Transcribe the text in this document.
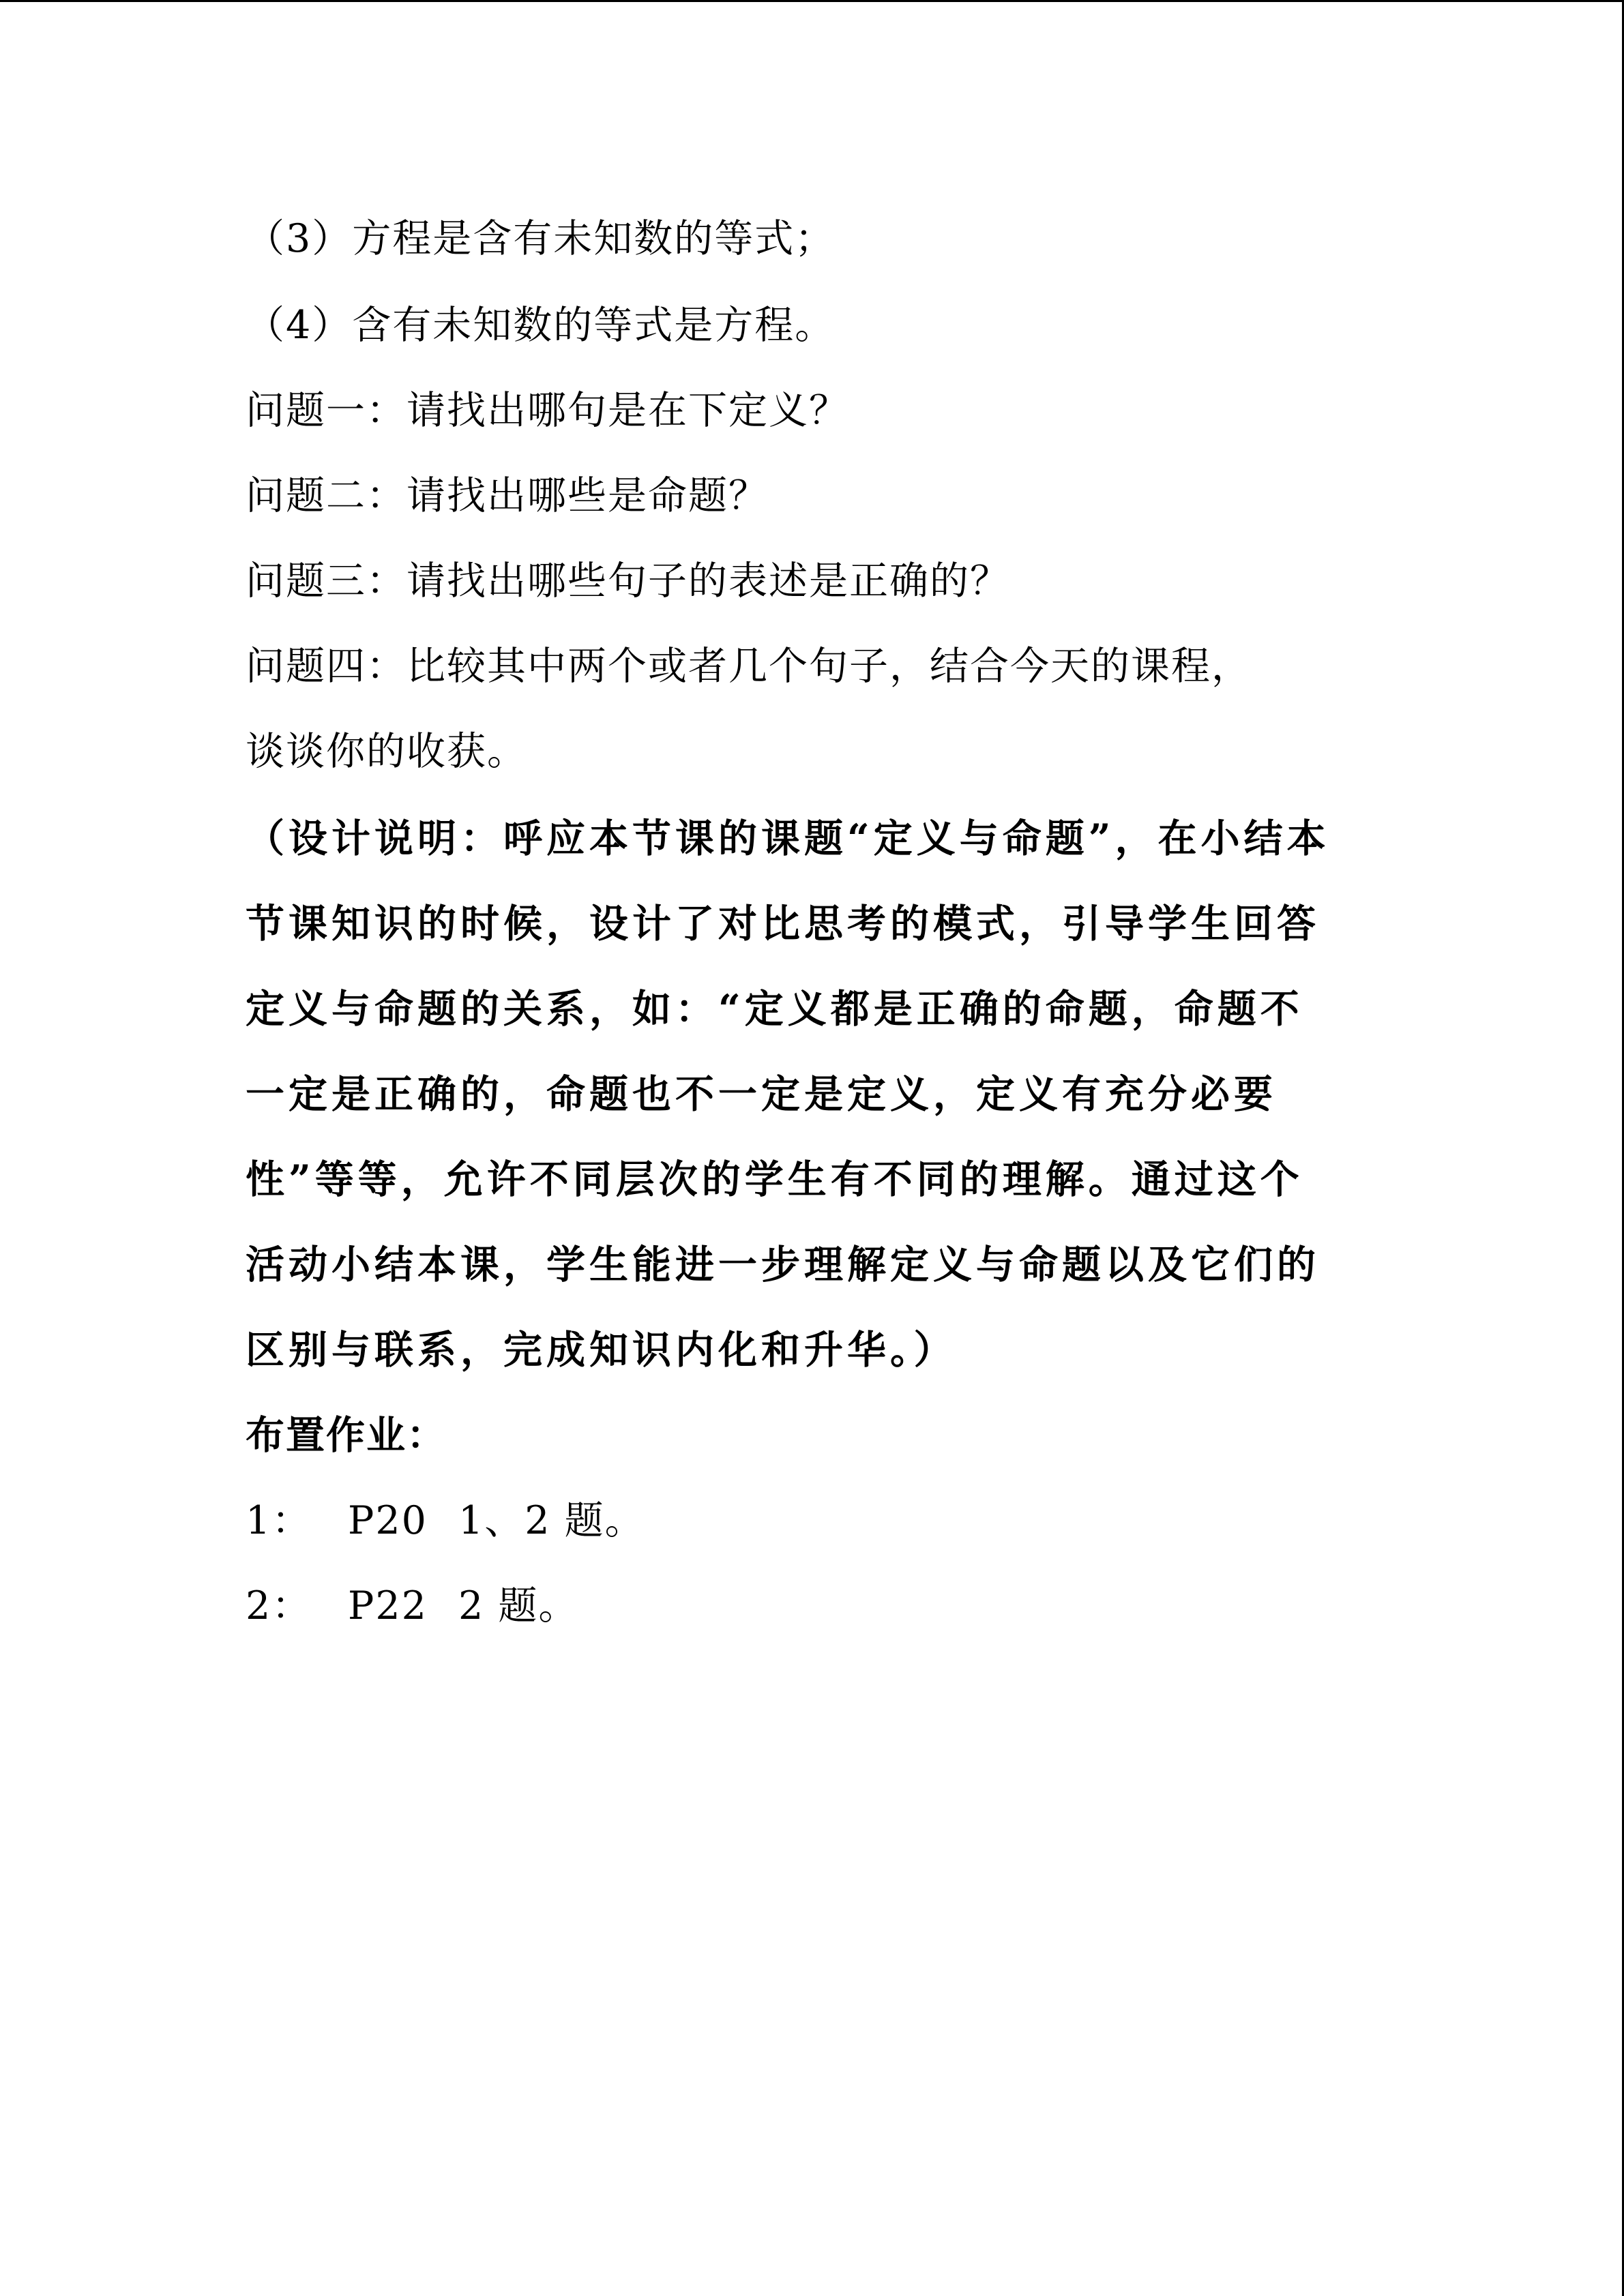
（3）方程是含有未知数的等式；
（4）含有未知数的等式是方程。
问题一：请找出哪句是在下定义？
问题二：请找出哪些是命题？
问题三：请找出哪些句子的表述是正确的？
问题四：比较其中两个或者几个句子，结合今天的课程，
谈谈你的收获。
（设计说明：呼应本节课的课题“定义与命题”，在小结本
节课知识的时候，设计了对比思考的模式，引导学生回答
定义与命题的关系，如：“定义都是正确的命题，命题不
一定是正确的，命题也不一定是定义，定义有充分必要
性”等等，允许不同层次的学生有不同的理解。通过这个
活动小结本课，学生能进一步理解定义与命题以及它们的
区别与联系，完成知识内化和升华。）
布置作业：
1： P20 1、2 题。
2： P22 2 题。
